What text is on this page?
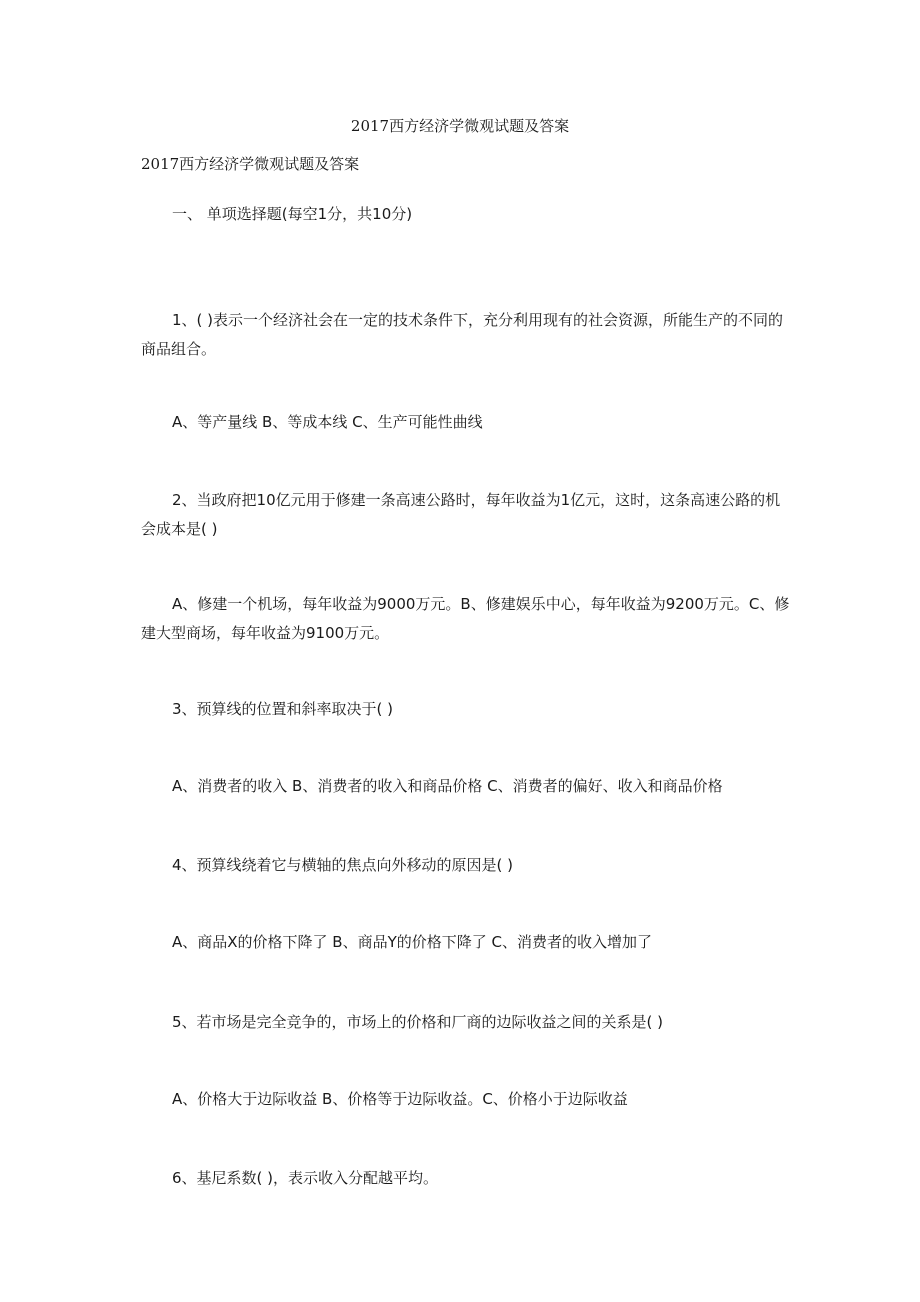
2017西方经济学微观试题及答案

2017西方经济学微观试题及答案

一、 单项选择题(每空1分，共10分)

1、( )表示一个经济社会在一定的技术条件下，充分利用现有的社会资源，所能生产的不同的商品组合。

A、等产量线 B、等成本线 C、生产可能性曲线

2、当政府把10亿元用于修建一条高速公路时，每年收益为1亿元，这时，这条高速公路的机会成本是( )

A、修建一个机场，每年收益为9000万元。B、修建娱乐中心，每年收益为9200万元。C、修建大型商场，每年收益为9100万元。

3、预算线的位置和斜率取决于( )

A、消费者的收入 B、消费者的收入和商品价格 C、消费者的偏好、收入和商品价格

4、预算线绕着它与横轴的焦点向外移动的原因是( )

A、商品X的价格下降了 B、商品Y的价格下降了 C、消费者的收入增加了

5、若市场是完全竞争的，市场上的价格和厂商的边际收益之间的关系是( )

A、价格大于边际收益 B、价格等于边际收益。C、价格小于边际收益

6、基尼系数( )，表示收入分配越平均。
